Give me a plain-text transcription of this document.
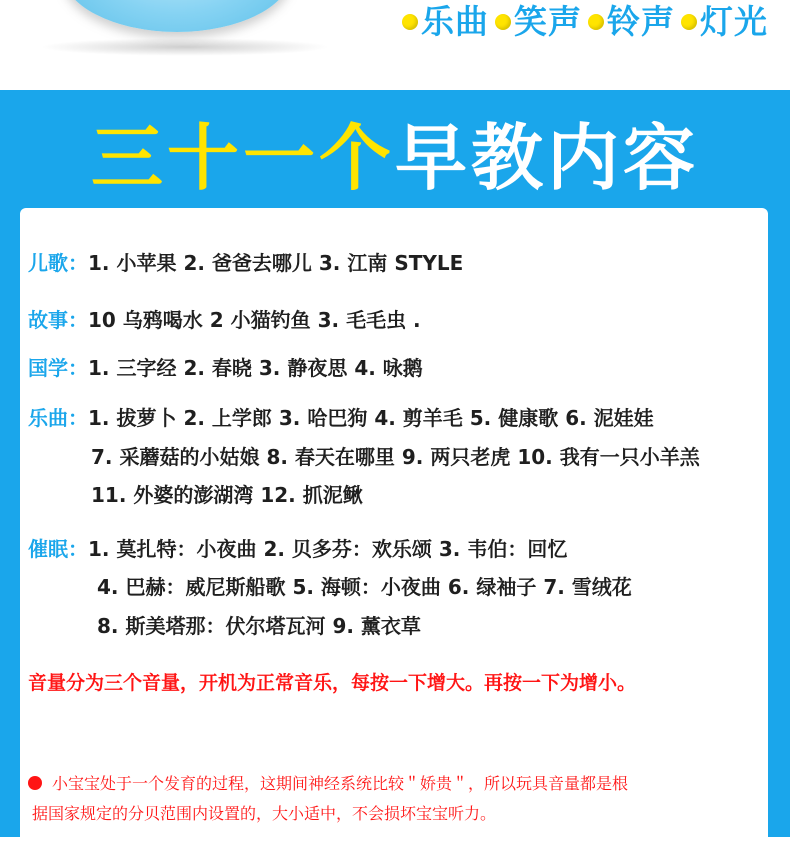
乐曲 笑声 铃声 灯光
三十一个早教内容
儿歌：1. 小苹果 2. 爸爸去哪儿 3. 江南 STYLE
故事：10 乌鸦喝水 2 小猫钓鱼 3. 毛毛虫 .
国学：1. 三字经 2. 春晓 3. 静夜思 4. 咏鹅
乐曲：1. 拔萝卜 2. 上学郎 3. 哈巴狗 4. 剪羊毛 5. 健康歌 6. 泥娃娃
7. 采蘑菇的小姑娘 8. 春天在哪里 9. 两只老虎 10. 我有一只小羊羔
11. 外婆的澎湖湾 12. 抓泥鳅
催眠：1. 莫扎特：小夜曲 2. 贝多芬：欢乐颂 3. 韦伯：回忆
4. 巴赫：威尼斯船歌 5. 海顿：小夜曲 6. 绿袖子 7. 雪绒花
8. 斯美塔那：伏尔塔瓦河 9. 薰衣草
音量分为三个音量，开机为正常音乐，每按一下增大。再按一下为增小。
小宝宝处于一个发育的过程，这期间神经系统比较＂娇贵＂，所以玩具音量都是根
据国家规定的分贝范围内设置的，大小适中，不会损坏宝宝听力。
